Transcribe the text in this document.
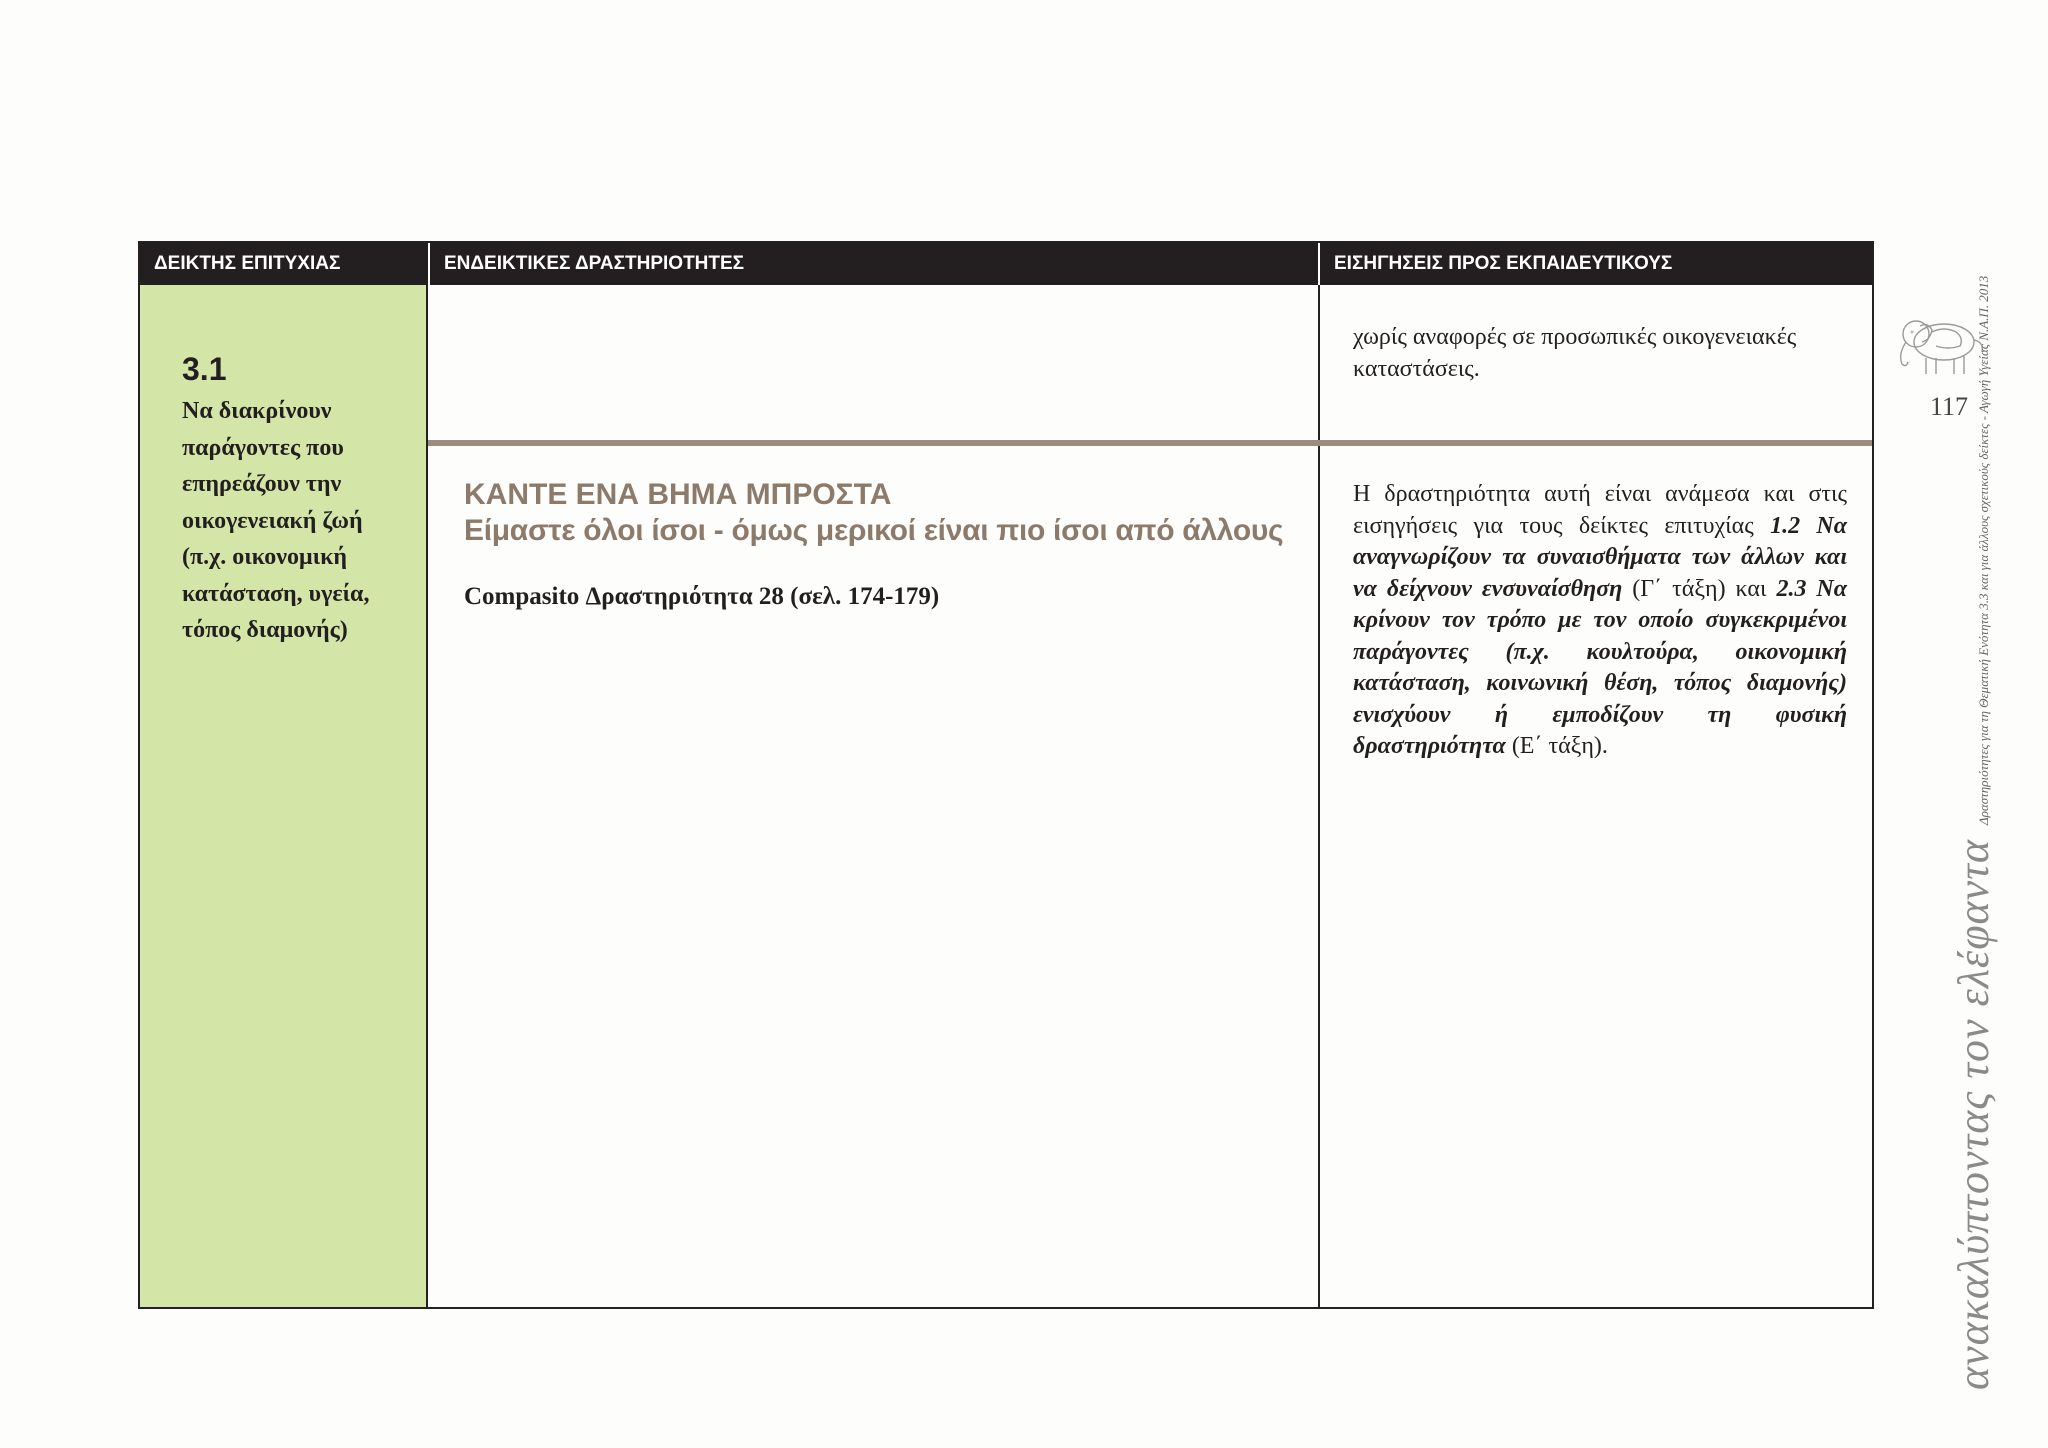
ΔΕΙΚΤΗΣ ΕΠΙΤΥΧΙΑΣ	ΕΝΔΕΙΚΤΙΚΕΣ ΔΡΑΣΤΗΡΙΟΤΗΤΕΣ	ΕΙΣΗΓΗΣΕΙΣ ΠΡΟΣ ΕΚΠΑΙΔΕΥΤΙΚΟΥΣ
3.1
Να διακρίνουν
παράγοντες που
επηρεάζουν την
οικογενειακή ζωή
(π.χ. οικονομική
κατάσταση, υγεία,
τόπος διαμονής)
ΚΑΝΤΕ ΕΝΑ ΒΗΜΑ ΜΠΡΟΣΤΑ
Είμαστε όλοι ίσοι - όμως μερικοί είναι πιο ίσοι από άλλους
Compasito Δραστηριότητα 28 (σελ. 174-179)
χωρίς αναφορές σε προσωπικές οικογενειακές καταστάσεις.
Η δραστηριότητα αυτή είναι ανάμεσα και στις εισηγήσεις για τους δείκτες επιτυχίας 1.2 Να αναγνωρίζουν τα συναισθήματα των άλλων και να δείχνουν ενσυναίσθηση (Γ΄ τάξη) και 2.3 Να κρίνουν τον τρόπο με τον οποίο συγκεκριμένοι παράγοντες (π.χ. κουλτούρα, οικονομική κατάσταση, κοινωνική θέση, τόπος διαμονής) ενισχύουν ή εμποδίζουν τη φυσική δραστηριότητα (Ε΄ τάξη).
117
ανακαλύπτοντας τον ελέφαντα Δραστηριότητες για τη Θεματική Ενότητα 3.3 και για άλλους σχετικούς δείκτες - Αγωγή Υγείας Ν.Α.Π. 2013
